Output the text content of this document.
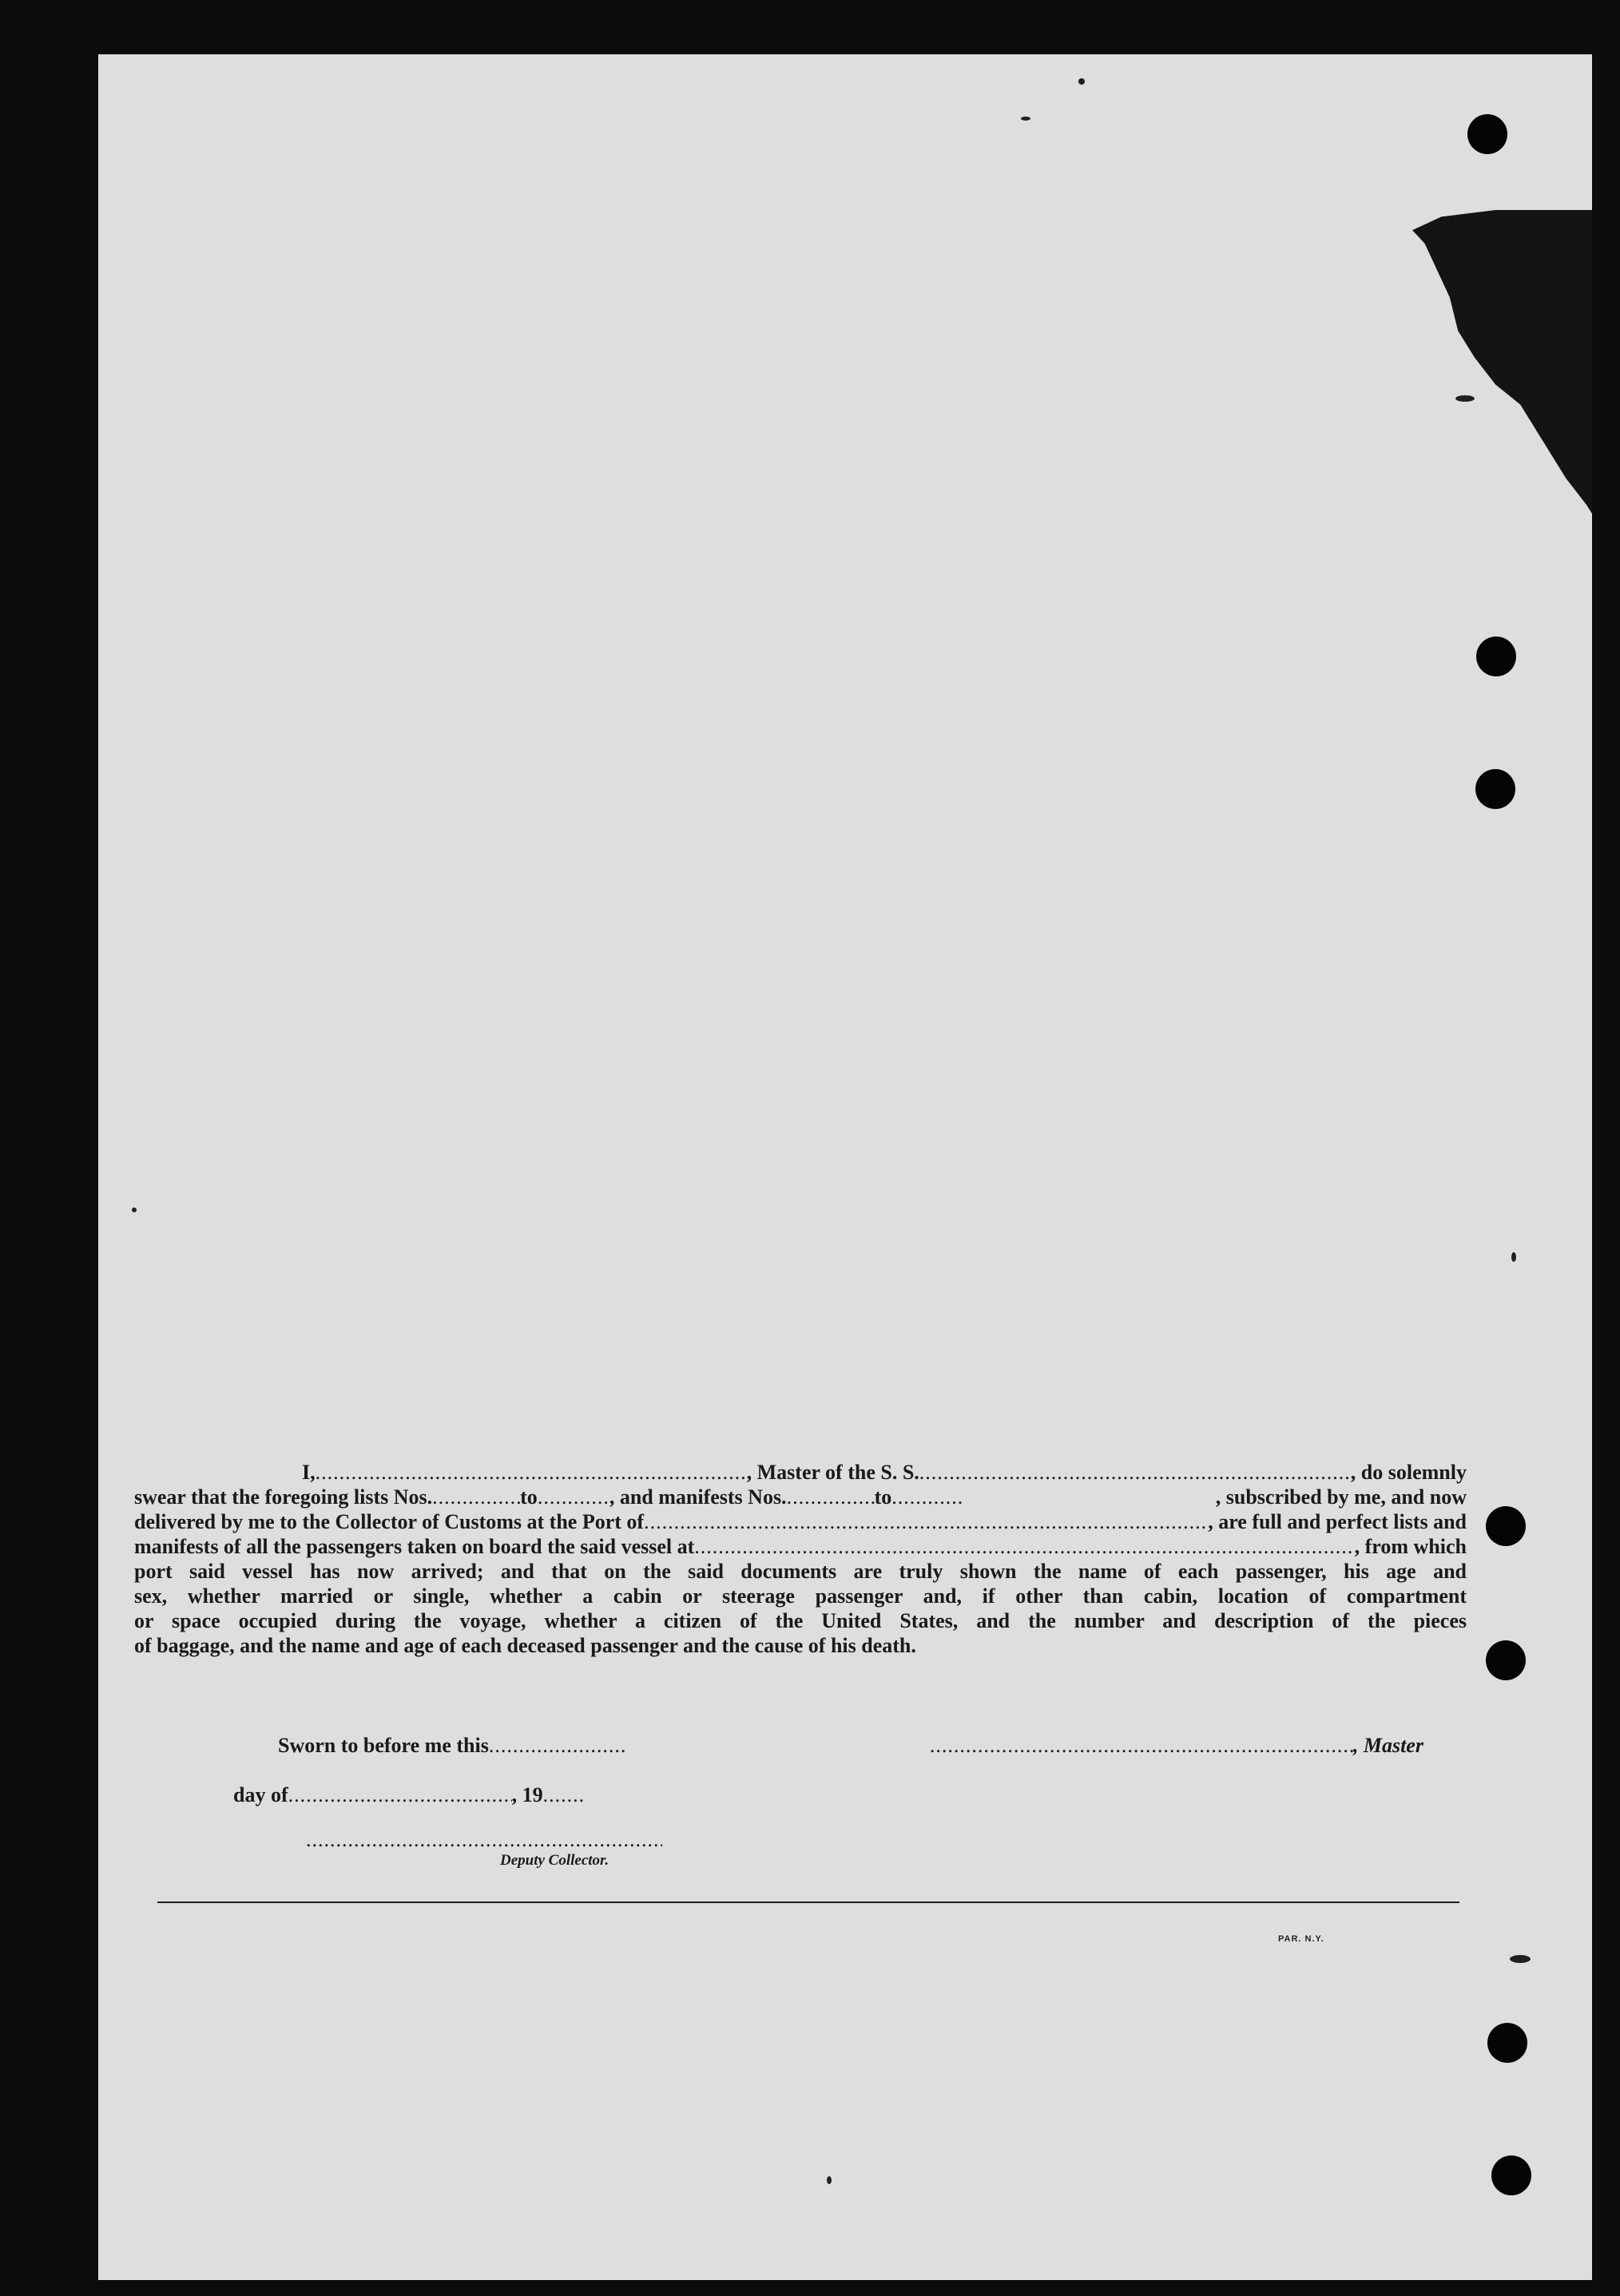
I, .....	, Master of the S. S. .....	, do solemnly
swear that the foregoing lists Nos. .....	to .....	, and manifests Nos. .....	to .....	, subscribed by me, and now
delivered by me to the Collector of Customs at the Port of .....	, are full and perfect lists and
manifests of all the passengers taken on board the said vessel at .....	, from which
port said vessel has now arrived; and that on the said documents are truly shown the name of each passenger, his age and
sex, whether married or single, whether a cabin or steerage passenger and, if other than cabin, location of compartment
or space occupied during the voyage, whether a citizen of the United States, and the number and description of the pieces
of baggage, and the name and age of each deceased passenger and the cause of his death.
Sworn to before me this ..... .....	, Master
day of .....	, 19
.....
.....
Deputy Collector.
PAR. N.Y.
